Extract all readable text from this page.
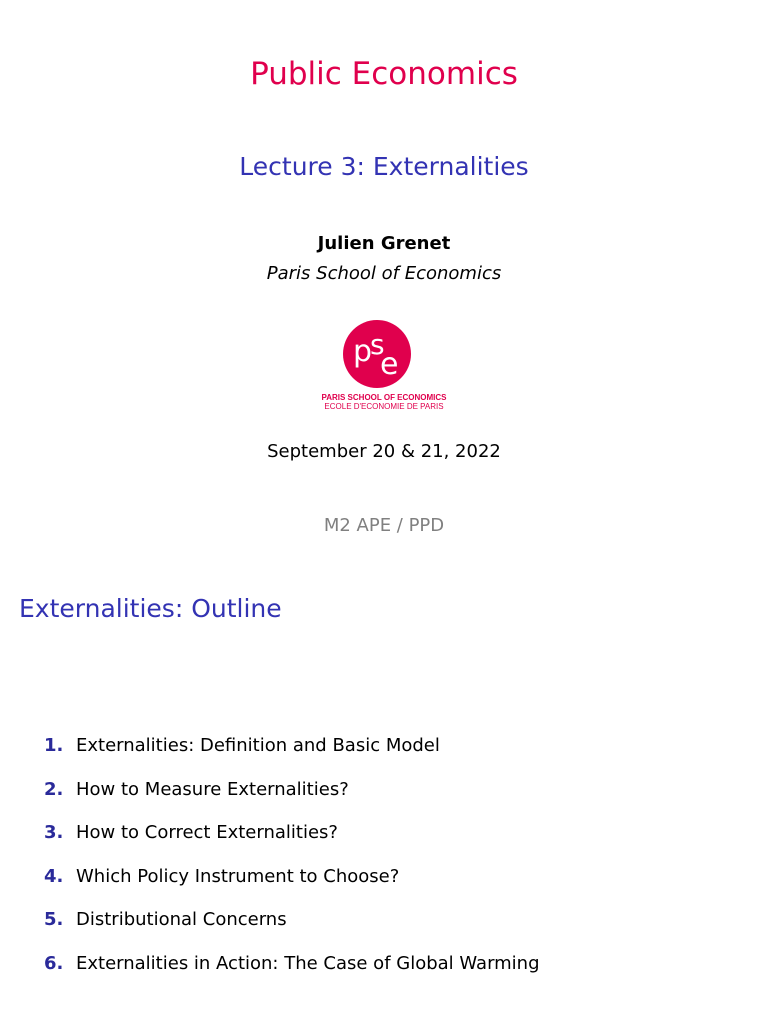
Public Economics
Lecture 3: Externalities
Julien Grenet
Paris School of Economics
p
s
e
PARIS SCHOOL OF ECONOMICS
ECOLE D'ECONOMIE DE PARIS
September 20 & 21, 2022
M2 APE / PPD
Externalities: Outline
1. Externalities: Definition and Basic Model
2. How to Measure Externalities?
3. How to Correct Externalities?
4. Which Policy Instrument to Choose?
5. Distributional Concerns
6. Externalities in Action: The Case of Global Warming
